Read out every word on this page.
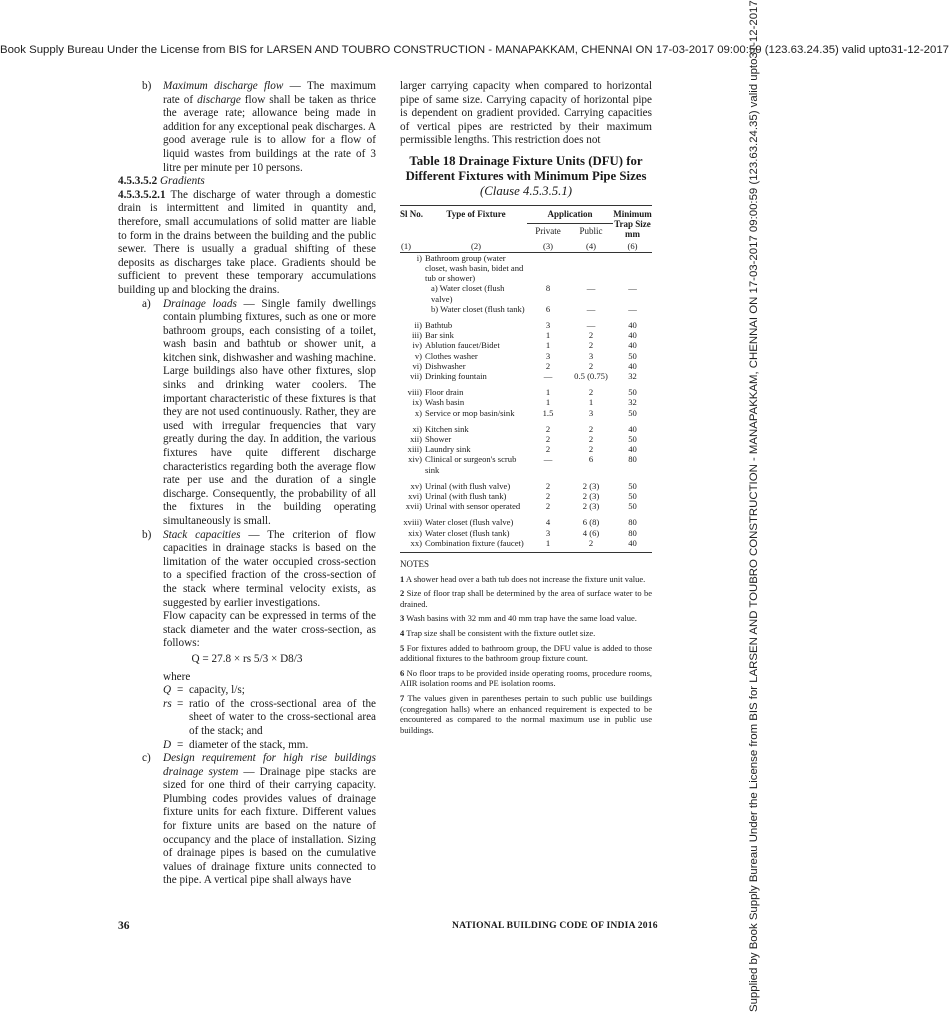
Book Supply Bureau Under the License from BIS for LARSEN AND TOUBRO CONSTRUCTION - MANAPAKKAM, CHENNAI ON 17-03-2017 09:00:59 (123.63.24.35) valid upto31-12-2017
Supplied by Book Supply Bureau Under the License from BIS for LARSEN AND TOUBRO CONSTRUCTION - MANAPAKKAM, CHENNAI ON 17-03-2017 09:00:59 (123.63.24.35) valid upto31-12-2017

b) Maximum discharge flow — The maximum rate of discharge flow shall be taken as thrice the average rate; allowance being made in addition for any exceptional peak discharges. A good average rule is to allow for a flow of liquid wastes from buildings at the rate of 3 litre per minute per 10 persons.

4.5.3.5.2 Gradients

4.5.3.5.2.1 The discharge of water through a domestic drain is intermittent and limited in quantity and, therefore, small accumulations of solid matter are liable to form in the drains between the building and the public sewer. There is usually a gradual shifting of these deposits as discharges take place. Gradients should be sufficient to prevent these temporary accumulations building up and blocking the drains.

a) Drainage loads — Single family dwellings contain plumbing fixtures, such as one or more bathroom groups, each consisting of a toilet, wash basin and bathtub or shower unit, a kitchen sink, dishwasher and washing machine. Large buildings also have other fixtures, slop sinks and drinking water coolers. The important characteristic of these fixtures is that they are not used continuously. Rather, they are used with irregular frequencies that vary greatly during the day. In addition, the various fixtures have quite different discharge characteristics regarding both the average flow rate per use and the duration of a single discharge. Consequently, the probability of all the fixtures in the building operating simultaneously is small.

b) Stack capacities — The criterion of flow capacities in drainage stacks is based on the limitation of the water occupied cross-section to a specified fraction of the cross-section of the stack where terminal velocity exists, as suggested by earlier investigations.

Flow capacity can be expressed in terms of the stack diameter and the water cross-section, as follows:

Q = 27.8 × rs 5/3 × D8/3

where

Q = capacity, l/s;
rs = ratio of the cross-sectional area of the sheet of water to the cross-sectional area of the stack; and
D = diameter of the stack, mm.

c) Design requirement for high rise buildings drainage system — Drainage pipe stacks are sized for one third of their carrying capacity. Plumbing codes provides values of drainage fixture units for each fixture. Different values for fixture units are based on the nature of occupancy and the place of installation. Sizing of drainage pipes is based on the cumulative values of drainage fixture units connected to the pipe. A vertical pipe shall always have

larger carrying capacity when compared to horizontal pipe of same size. Carrying capacity of horizontal pipe is dependent on gradient provided. Carrying capacities of vertical pipes are restricted by their maximum permissible lengths. This restriction does not

Table 18 Drainage Fixture Units (DFU) for Different Fixtures with Minimum Pipe Sizes
(Clause 4.5.3.5.1)
Sl No.	Type of Fixture	Application		Minimum Trap Size mm
		Private	Public	
(1)	(2)	(3)	(4)	(6)
i)	Bathroom group (water closet, wash basin, bidet and tub or shower)			
	a) Water closet (flush valve)	8	—	—
	b) Water closet (flush tank)	6	—	—
ii)	Bathtub	3	—	40
iii)	Bar sink	1	2	40
iv)	Ablution faucet/Bidet	1	2	40
v)	Clothes washer	3	3	50
vi)	Dishwasher	2	2	40
vii)	Drinking fountain	—	0.5 (0.75)	32
viii)	Floor drain	1	2	50
ix)	Wash basin	1	1	32
x)	Service or mop basin/sink	1.5	3	50
xi)	Kitchen sink	2	2	40
xii)	Shower	2	2	50
xiii)	Laundry sink	2	2	40
xiv)	Clinical or surgeon's scrub sink	—	6	80
xv)	Urinal (with flush valve)	2	2 (3)	50
xvi)	Urinal (with flush tank)	2	2 (3)	50
xvii)	Urinal with sensor operated	2	2 (3)	50
xviii)	Water closet (flush valve)	4	6 (8)	80
xix)	Water closet (flush tank)	3	4 (6)	80
xx)	Combination fixture (faucet)	1	2	40

NOTES

1 A shower head over a bath tub does not increase the fixture unit value.

2 Size of floor trap shall be determined by the area of surface water to be drained.

3 Wash basins with 32 mm and 40 mm trap have the same load value.

4 Trap size shall be consistent with the fixture outlet size.

5 For fixtures added to bathroom group, the DFU value is added to those additional fixtures to the bathroom group fixture count.

6 No floor traps to be provided inside operating rooms, procedure rooms, AIIR isolation rooms and PE isolation rooms.

7 The values given in parentheses pertain to such public use buildings (congregation halls) where an enhanced requirement is expected to be encountered as compared to the normal maximum use in public use buildings.

36	NATIONAL BUILDING CODE OF INDIA 2016
